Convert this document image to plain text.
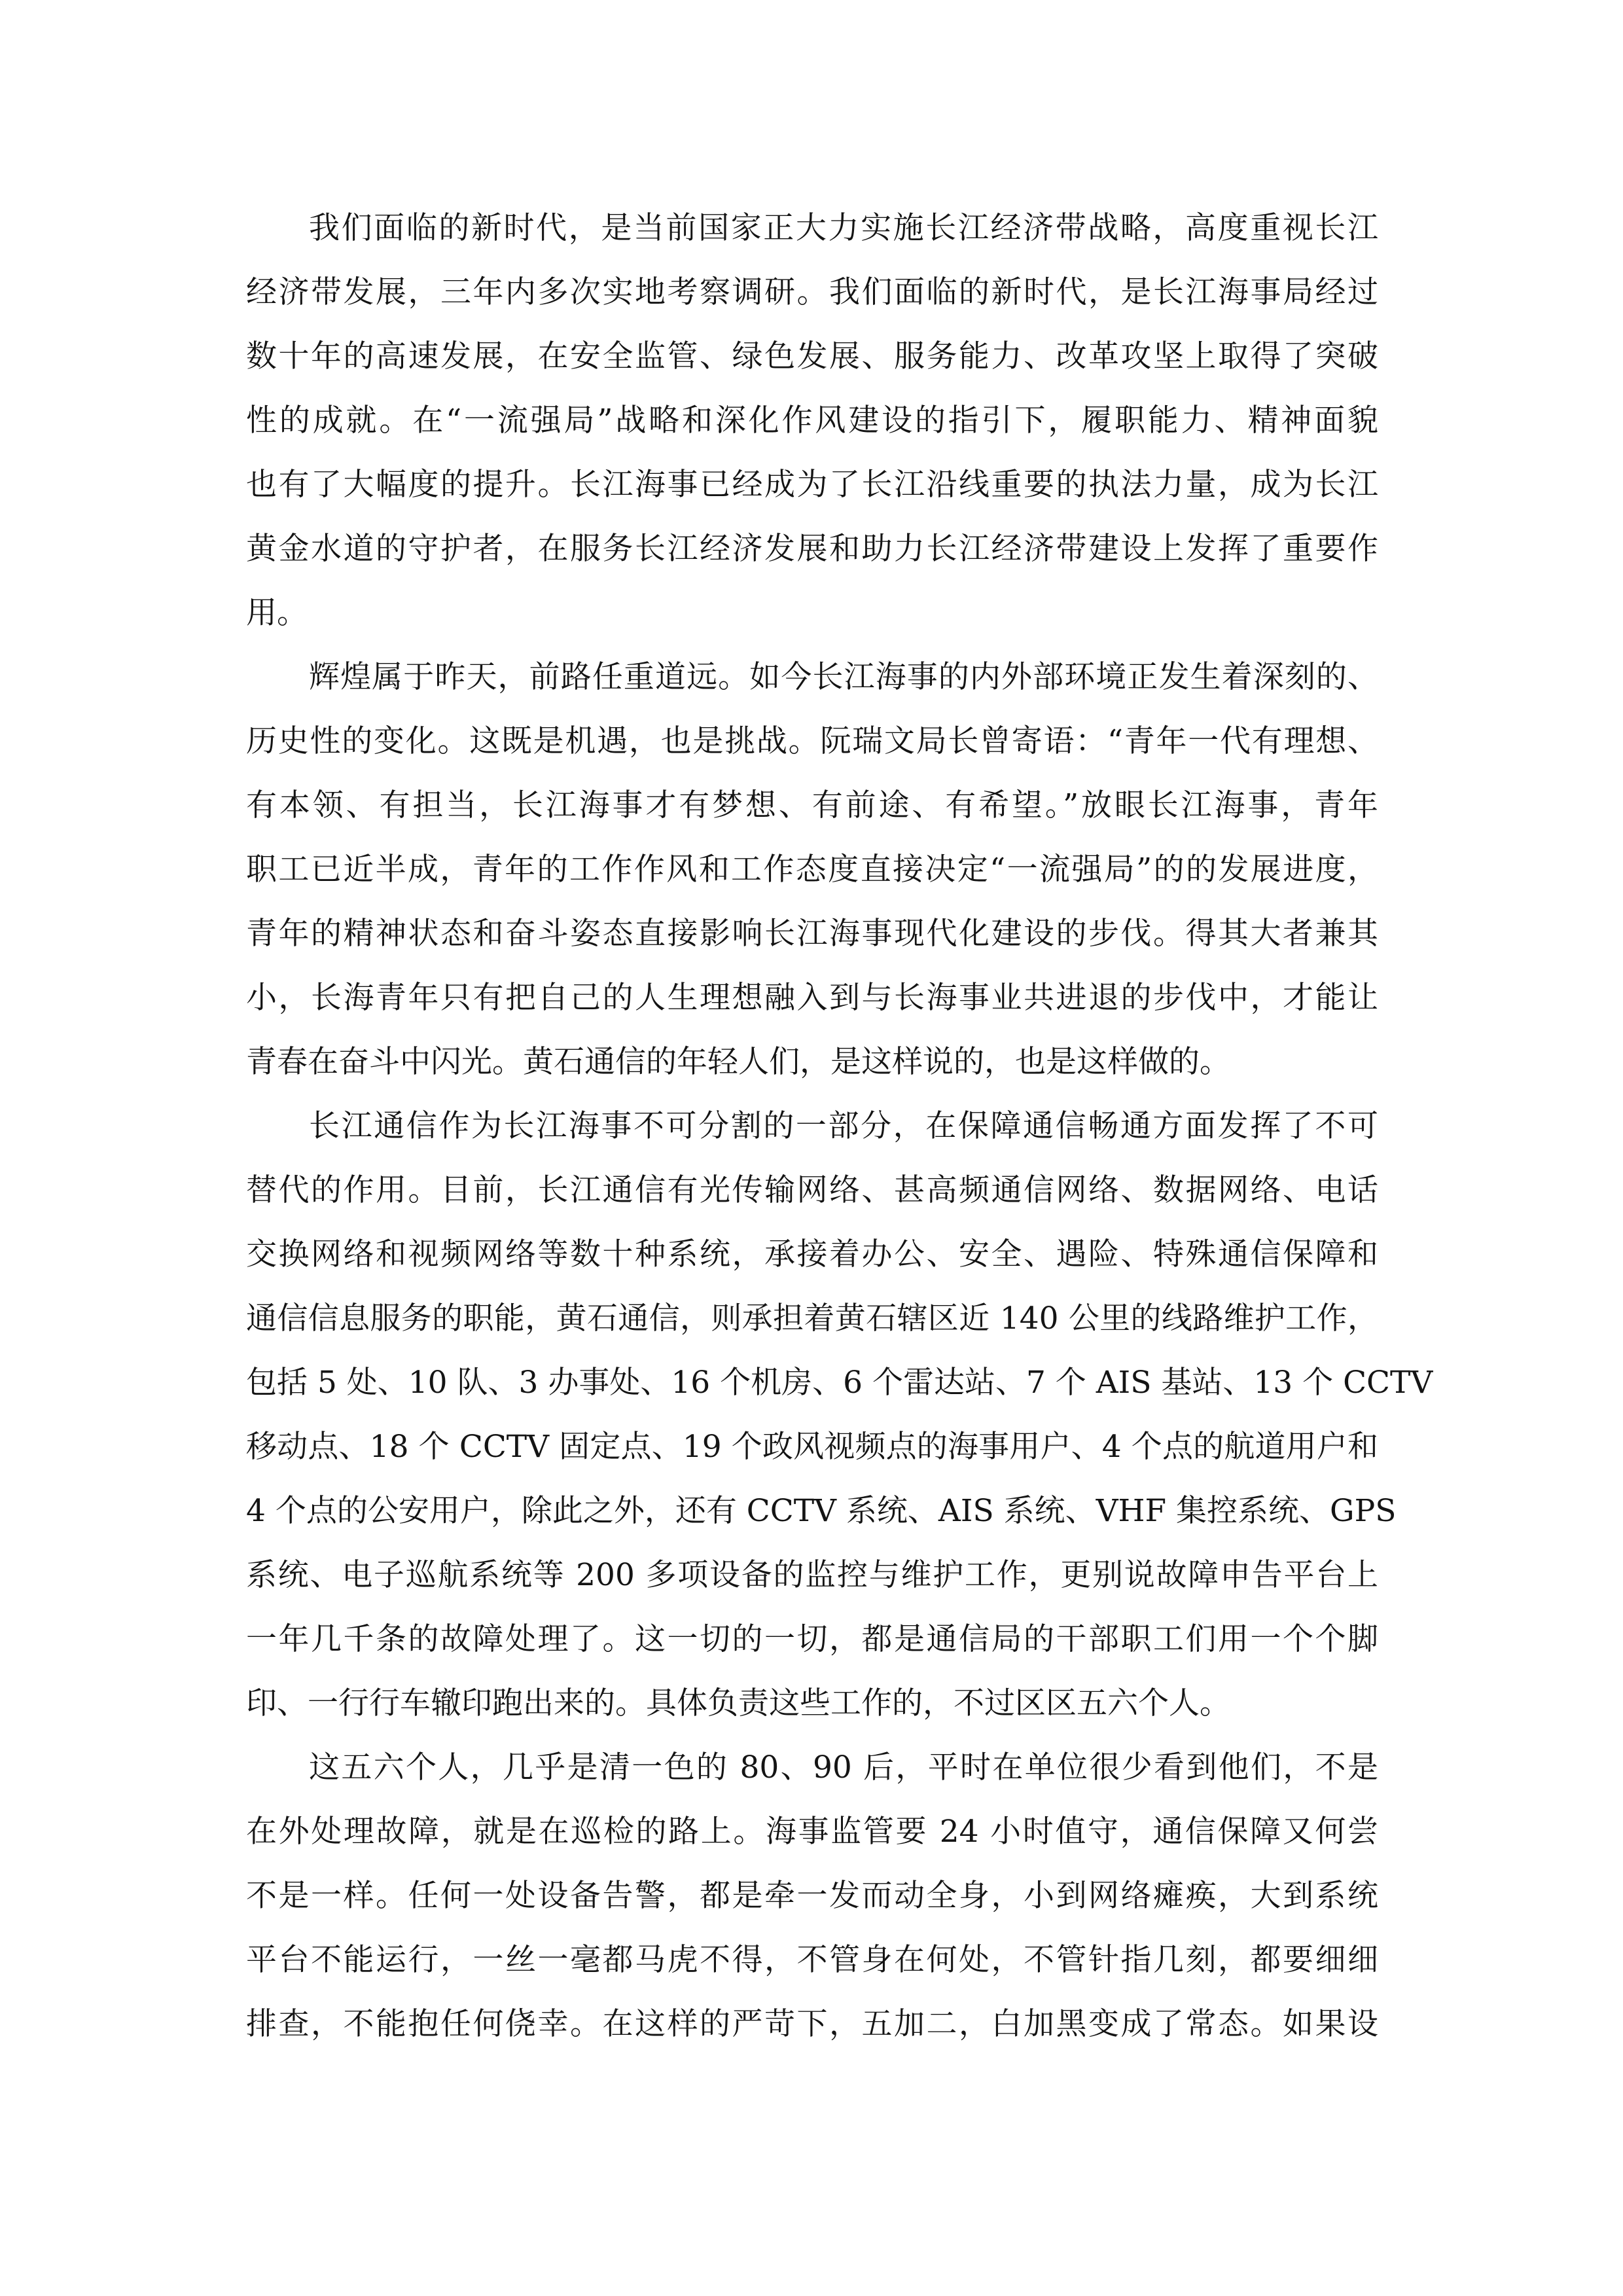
我们面临的新时代，是当前国家正大力实施长江经济带战略，高度重视长江
经济带发展，三年内多次实地考察调研。我们面临的新时代，是长江海事局经过
数十年的高速发展，在安全监管、绿色发展、服务能力、改革攻坚上取得了突破
性的成就。在“一流强局”战略和深化作风建设的指引下，履职能力、精神面貌
也有了大幅度的提升。长江海事已经成为了长江沿线重要的执法力量，成为长江
黄金水道的守护者，在服务长江经济发展和助力长江经济带建设上发挥了重要作
用。
辉煌属于昨天，前路任重道远。如今长江海事的内外部环境正发生着深刻的、
历史性的变化。这既是机遇，也是挑战。阮瑞文局长曾寄语：“青年一代有理想、
有本领、有担当，长江海事才有梦想、有前途、有希望。”放眼长江海事，青年
职工已近半成，青年的工作作风和工作态度直接决定“一流强局”的的发展进度，
青年的精神状态和奋斗姿态直接影响长江海事现代化建设的步伐。得其大者兼其
小，长海青年只有把自己的人生理想融入到与长海事业共进退的步伐中，才能让
青春在奋斗中闪光。黄石通信的年轻人们，是这样说的，也是这样做的。
长江通信作为长江海事不可分割的一部分，在保障通信畅通方面发挥了不可
替代的作用。目前，长江通信有光传输网络、甚高频通信网络、数据网络、电话
交换网络和视频网络等数十种系统，承接着办公、安全、遇险、特殊通信保障和
通信信息服务的职能，黄石通信，则承担着黄石辖区近 140 公里的线路维护工作，
包括 5 处、10 队、3 办事处、16 个机房、6 个雷达站、7 个 AIS 基站、13 个 CCTV
移动点、18 个 CCTV 固定点、19 个政风视频点的海事用户、4 个点的航道用户和
4 个点的公安用户，除此之外，还有 CCTV 系统、AIS 系统、VHF 集控系统、GPS
系统、电子巡航系统等 200 多项设备的监控与维护工作，更别说故障申告平台上
一年几千条的故障处理了。这一切的一切，都是通信局的干部职工们用一个个脚
印、一行行车辙印跑出来的。具体负责这些工作的，不过区区五六个人。
这五六个人，几乎是清一色的 80、90 后，平时在单位很少看到他们，不是
在外处理故障，就是在巡检的路上。海事监管要 24 小时值守，通信保障又何尝
不是一样。任何一处设备告警，都是牵一发而动全身，小到网络瘫痪，大到系统
平台不能运行，一丝一毫都马虎不得，不管身在何处，不管针指几刻，都要细细
排查，不能抱任何侥幸。在这样的严苛下，五加二，白加黑变成了常态。如果设
